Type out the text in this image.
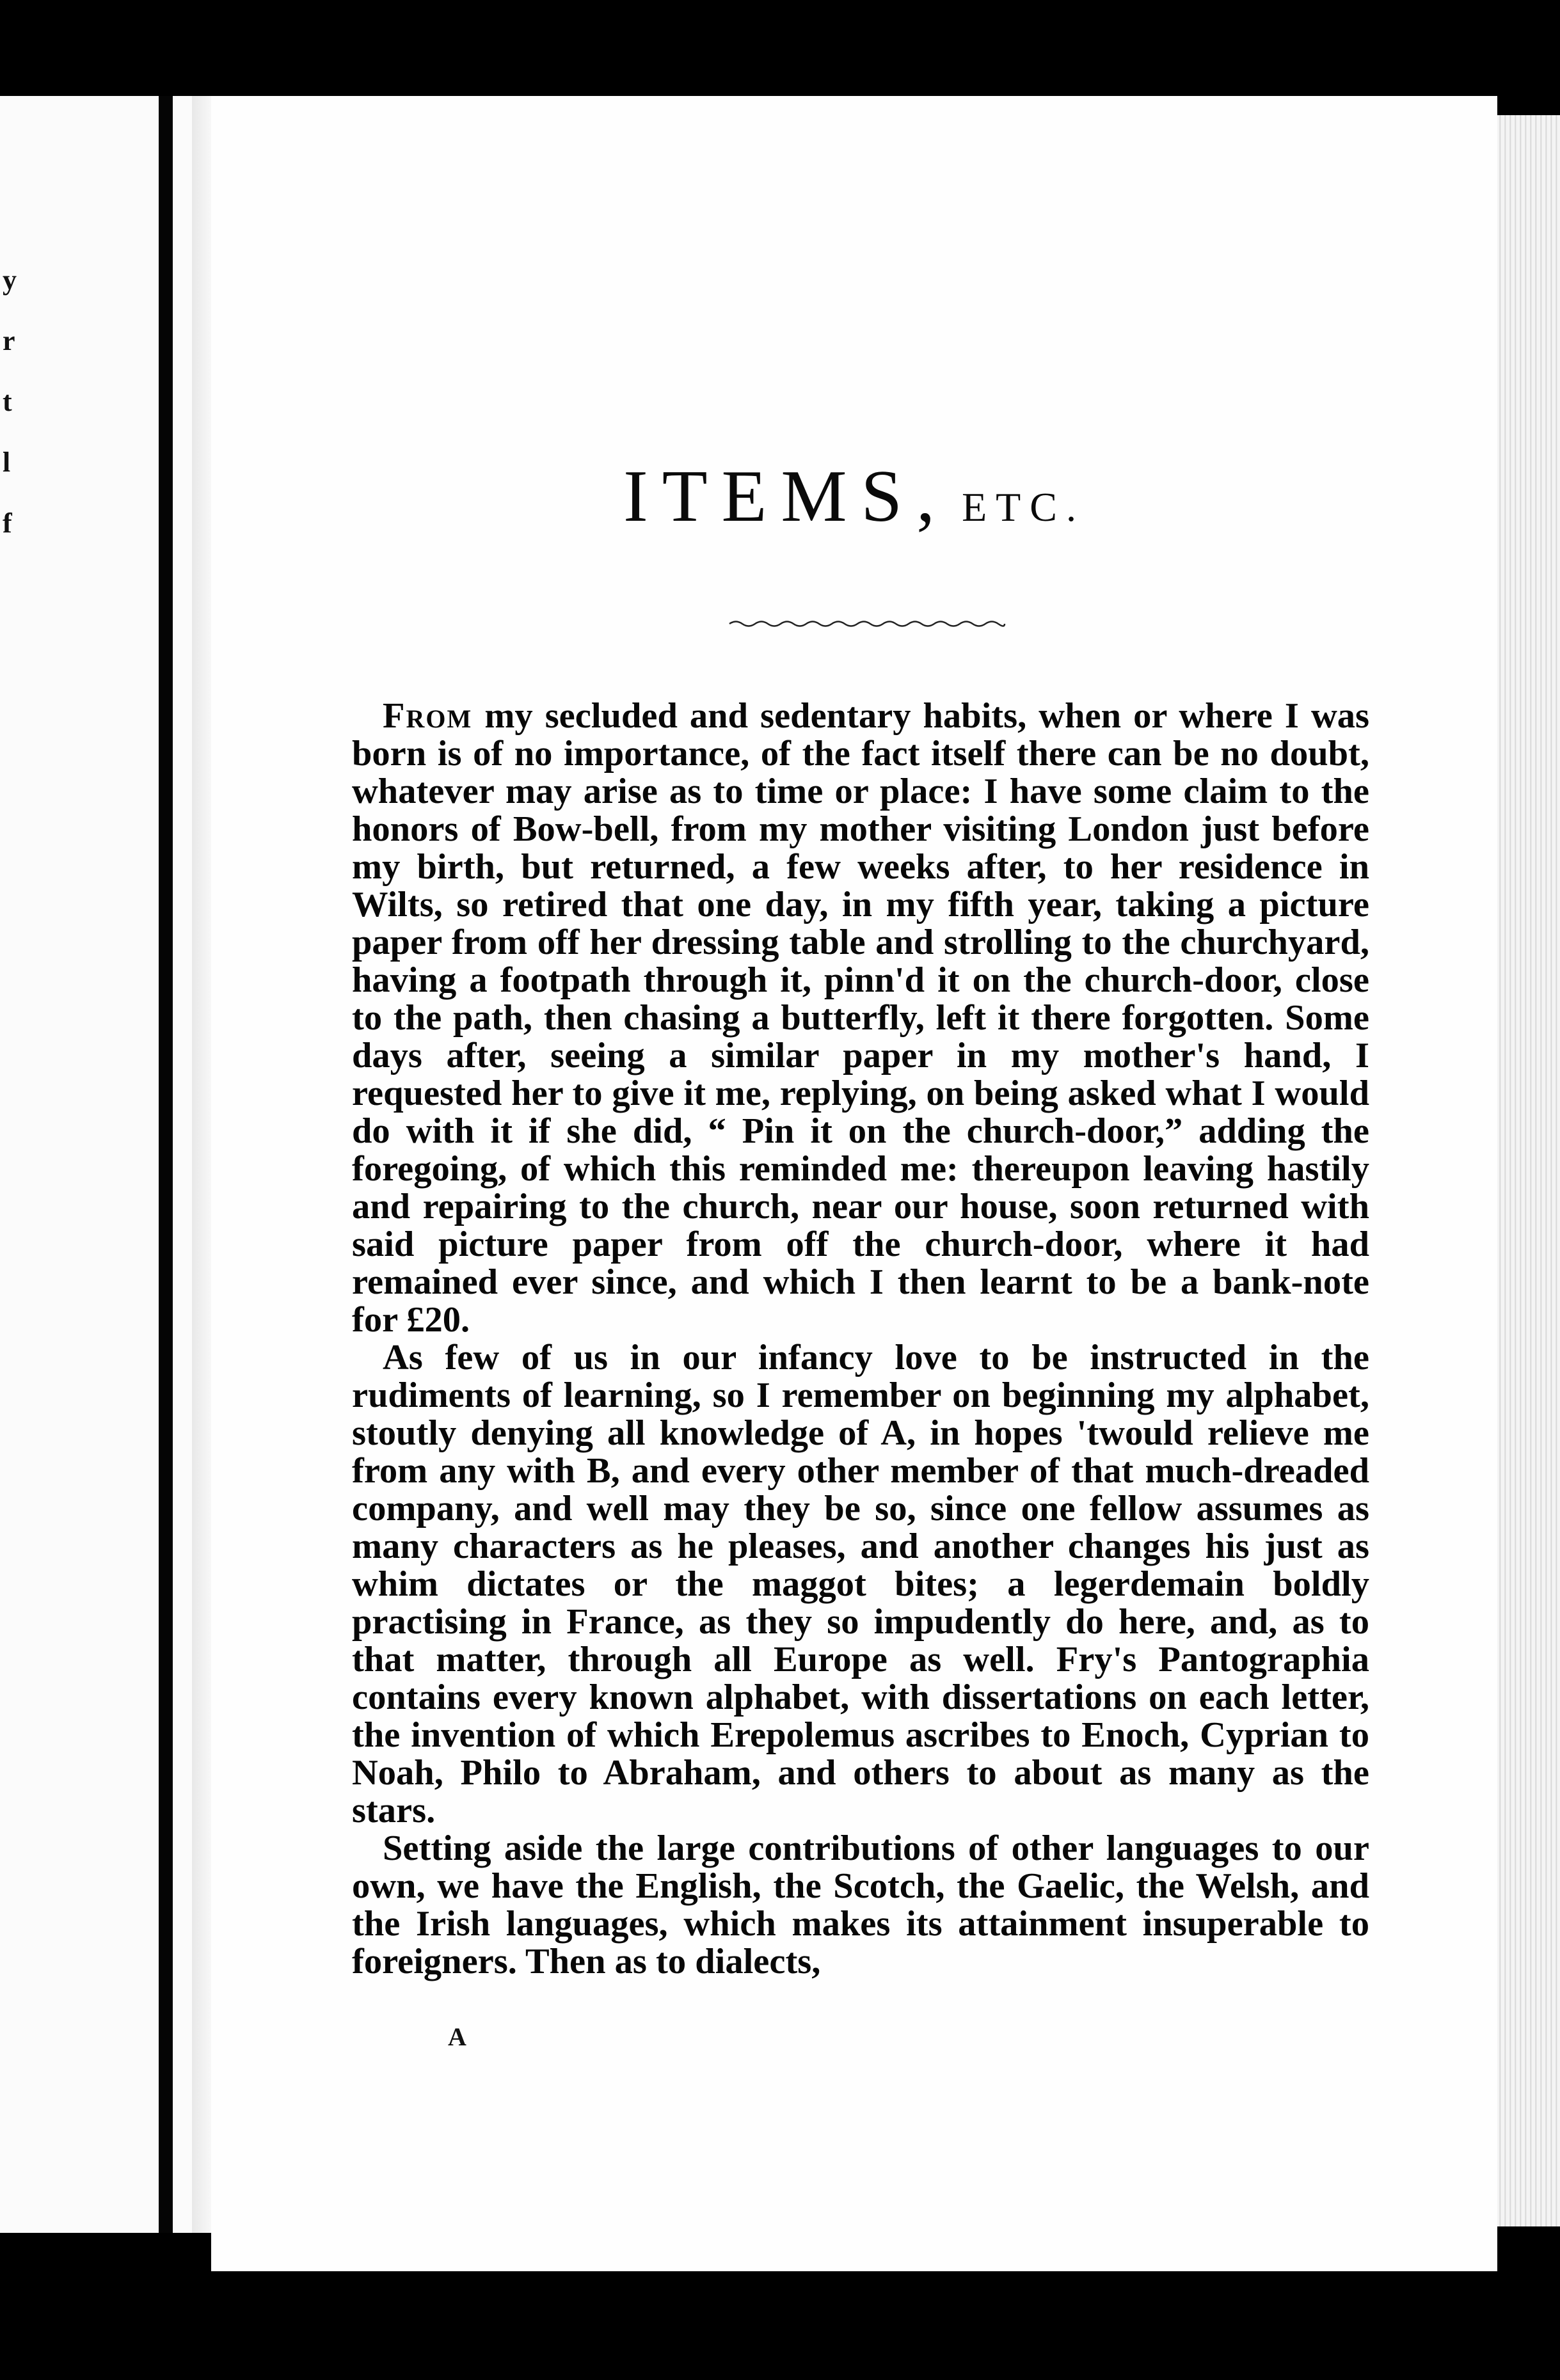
y
r
t
l
f	ITEMS, ETC.

From my secluded and sedentary habits, when or where I was born is of no importance, of the fact itself there can be no doubt, whatever may arise as to time or place: I have some claim to the honors of Bow-bell, from my mother visiting London just before my birth, but returned, a few weeks after, to her residence in Wilts, so retired that one day, in my fifth year, taking a picture paper from off her dressing table and strolling to the churchyard, having a footpath through it, pinn'd it on the church-door, close to the path, then chasing a butterfly, left it there forgotten. Some days after, seeing a similar paper in my mother's hand, I requested her to give it me, replying, on being asked what I would do with it if she did, “ Pin it on the church-door,” adding the foregoing, of which this reminded me: thereupon leaving hastily and repairing to the church, near our house, soon returned with said picture paper from off the church-door, where it had remained ever since, and which I then learnt to be a bank-note for £20.

As few of us in our infancy love to be instructed in the rudiments of learning, so I remember on beginning my alphabet, stoutly denying all knowledge of A, in hopes 'twould relieve me from any with B, and every other member of that much-dreaded company, and well may they be so, since one fellow assumes as many characters as he pleases, and another changes his just as whim dictates or the maggot bites; a legerdemain boldly practising in France, as they so impudently do here, and, as to that matter, through all Europe as well. Fry's Pantographia contains every known alphabet, with dissertations on each letter, the invention of which Erepolemus ascribes to Enoch, Cyprian to Noah, Philo to Abraham, and others to about as many as the stars.

Setting aside the large contributions of other languages to our own, we have the English, the Scotch, the Gaelic, the Welsh, and the Irish languages, which makes its attainment insuperable to foreigners. Then as to dialects,

A
